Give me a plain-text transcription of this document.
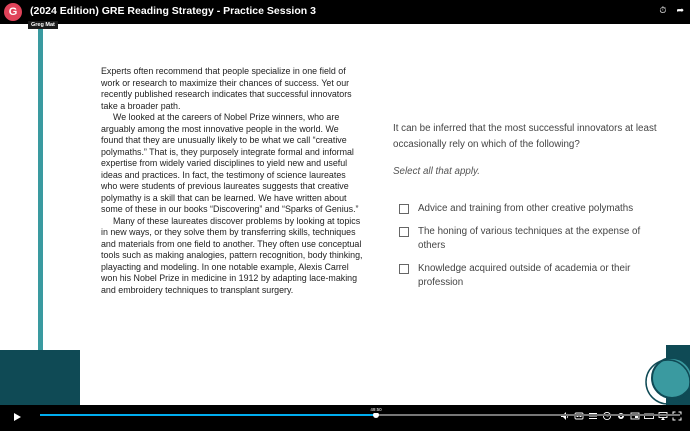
Experts often recommend that people specialize in one field of work or research to maximize their chances of success. Yet our recently published research indicates that successful innovators take a broader path.

We looked at the careers of Nobel Prize winners, who are arguably among the most innovative people in the world. We found that they are unusually likely to be what we call “creative polymaths.” That is, they purposely integrate formal and informal expertise from widely varied disciplines to yield new and useful ideas and practices. In fact, the testimony of science laureates who were students of previous laureates suggests that creative polymathy is a skill that can be learned. We have written about some of these in our books “Discovering” and “Sparks of Genius.”

Many of these laureates discover problems by looking at topics in new ways, or they solve them by transferring skills, techniques and materials from one field to another. They often use conceptual tools such as making analogies, pattern recognition, body thinking, playacting and modeling. In one notable example, Alexis Carrel won his Nobel Prize in medicine in 1912 by adapting lace-making and embroidery techniques to transplant surgery.

It can be inferred that the most successful innovators at least occasionally rely on which of the following?
Select all that apply.
Advice and training from other creative polymaths
The honing of various techniques at the expense of others
Knowledge acquired outside of academia or their profession
G	(2024 Edition) GRE Reading Strategy - Practice Session 3	⏱ ➦
Greg Mat
49:50
